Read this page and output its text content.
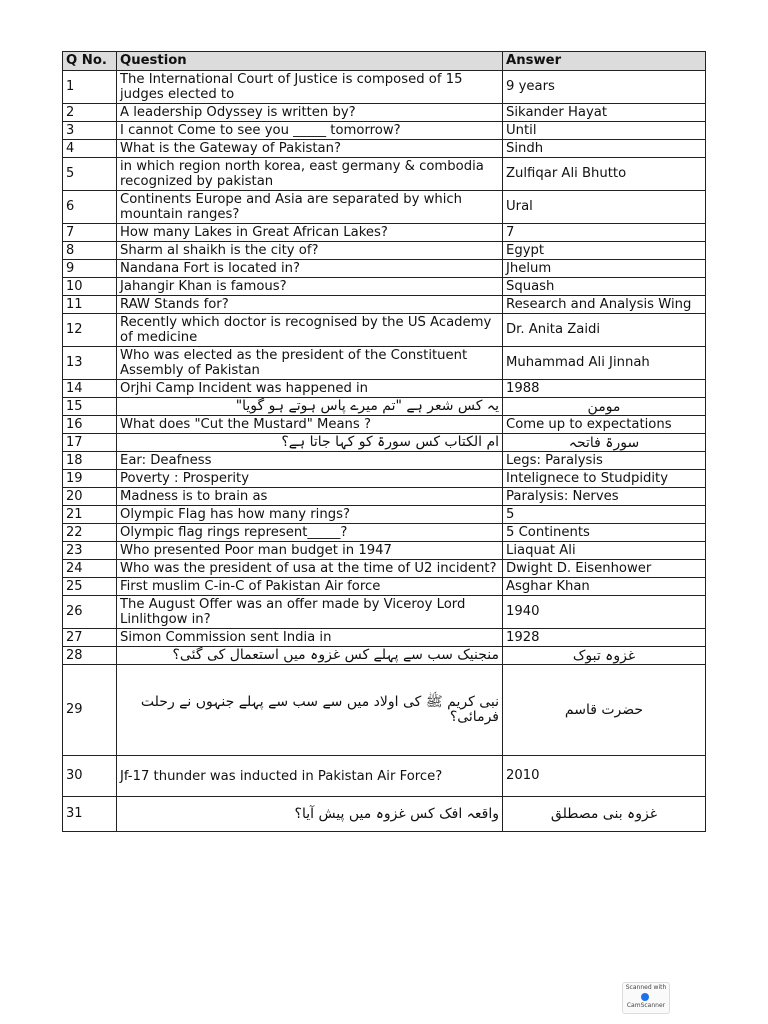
Q No.	Question	Answer
1	The International Court of Justice is composed of 15 judges elected to	9 years
2	A leadership Odyssey is written by?	Sikander Hayat
3	I cannot Come to see you _____ tomorrow?	Until
4	What is the Gateway of Pakistan?	Sindh
5	in which region north korea, east germany & combodia recognized by pakistan	Zulfiqar Ali Bhutto
6	Continents Europe and Asia are separated by which mountain ranges?	Ural
7	How many Lakes in Great African Lakes?	7
8	Sharm al shaikh is the city of?	Egypt
9	Nandana Fort is located in?	Jhelum
10	Jahangir Khan is famous?	Squash
11	RAW Stands for?	Research and Analysis Wing
12	Recently which doctor is recognised by the US Academy of medicine	Dr. Anita Zaidi
13	Who was elected as the president of the Constituent Assembly of Pakistan	Muhammad Ali Jinnah
14	Orjhi Camp Incident was happened in	1988
15	یہ کس شعر ہے "تم میرے پاس ہوتے ہو گویا"	مومن
16	What does "Cut the Mustard" Means ?	Come up to expectations
17	ام الکتاب کس سورۃ کو کہا جاتا ہے؟	سورۃ فاتحہ
18	Ear: Deafness	Legs: Paralysis
19	Poverty : Prosperity	Intelignece to Studpidity
20	Madness is to brain as	Paralysis: Nerves
21	Olympic Flag has how many rings?	5
22	Olympic flag rings represent_____?	5 Continents
23	Who presented Poor man budget in 1947	Liaquat Ali
24	Who was the president of usa at the time of U2 incident?	Dwight D. Eisenhower
25	First muslim C-in-C of Pakistan Air force	Asghar Khan
26	The August Offer was an offer made by Viceroy Lord Linlithgow in?	1940
27	Simon Commission sent India in	1928
28	منجنیک سب سے پہلے کس غزوہ میں استعمال کی گئی؟	غزوہ تبوک
29	نبی کریم ﷺ کی اولاد میں سے سب سے پہلے جنہوں نے رحلت فرمائی؟	حضرت قاسم
30	Jf-17 thunder was inducted in Pakistan Air Force?	2010
31	واقعہ افک کس غزوہ میں پیش آیا؟	غزوہ بنی مصطلق
Scanned with
CamScanner
